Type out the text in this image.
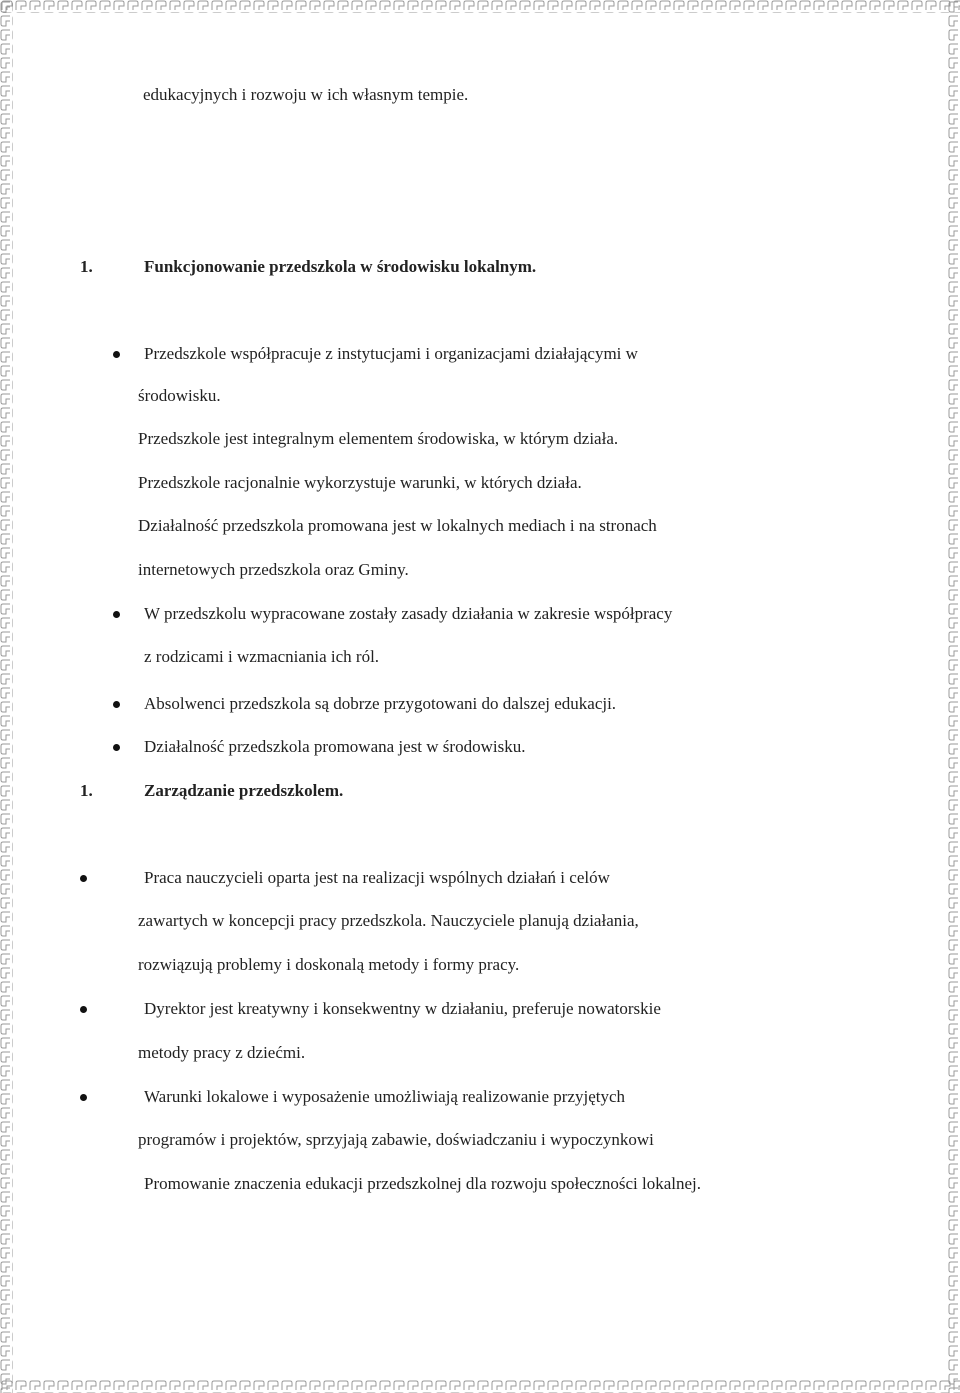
edukacyjnych i rozwoju w ich własnym tempie.
1.	Funkcjonowanie przedszkola w środowisku lokalnym.
Przedszkole współpracuje z instytucjami i organizacjami działającymi w
środowisku.
Przedszkole jest integralnym elementem środowiska, w którym działa.
Przedszkole racjonalnie wykorzystuje warunki, w których działa.
Działalność przedszkola promowana jest w lokalnych mediach i na stronach
internetowych przedszkola oraz Gminy.
W przedszkolu wypracowane zostały zasady działania w zakresie współpracy
z rodzicami i wzmacniania ich ról.
Absolwenci przedszkola są dobrze przygotowani do dalszej edukacji.
Działalność przedszkola promowana jest w środowisku.
1.	Zarządzanie przedszkolem.
Praca nauczycieli oparta jest na realizacji wspólnych działań i celów
zawartych w koncepcji pracy przedszkola. Nauczyciele planują działania,
rozwiązują problemy i doskonalą metody i formy pracy.
Dyrektor jest kreatywny i konsekwentny w działaniu, preferuje nowatorskie
metody pracy z dziećmi.
Warunki lokalowe i wyposażenie umożliwiają realizowanie przyjętych
programów i projektów, sprzyjają zabawie, doświadczaniu i wypoczynkowi
Promowanie znaczenia edukacji przedszkolnej dla rozwoju społeczności lokalnej.
